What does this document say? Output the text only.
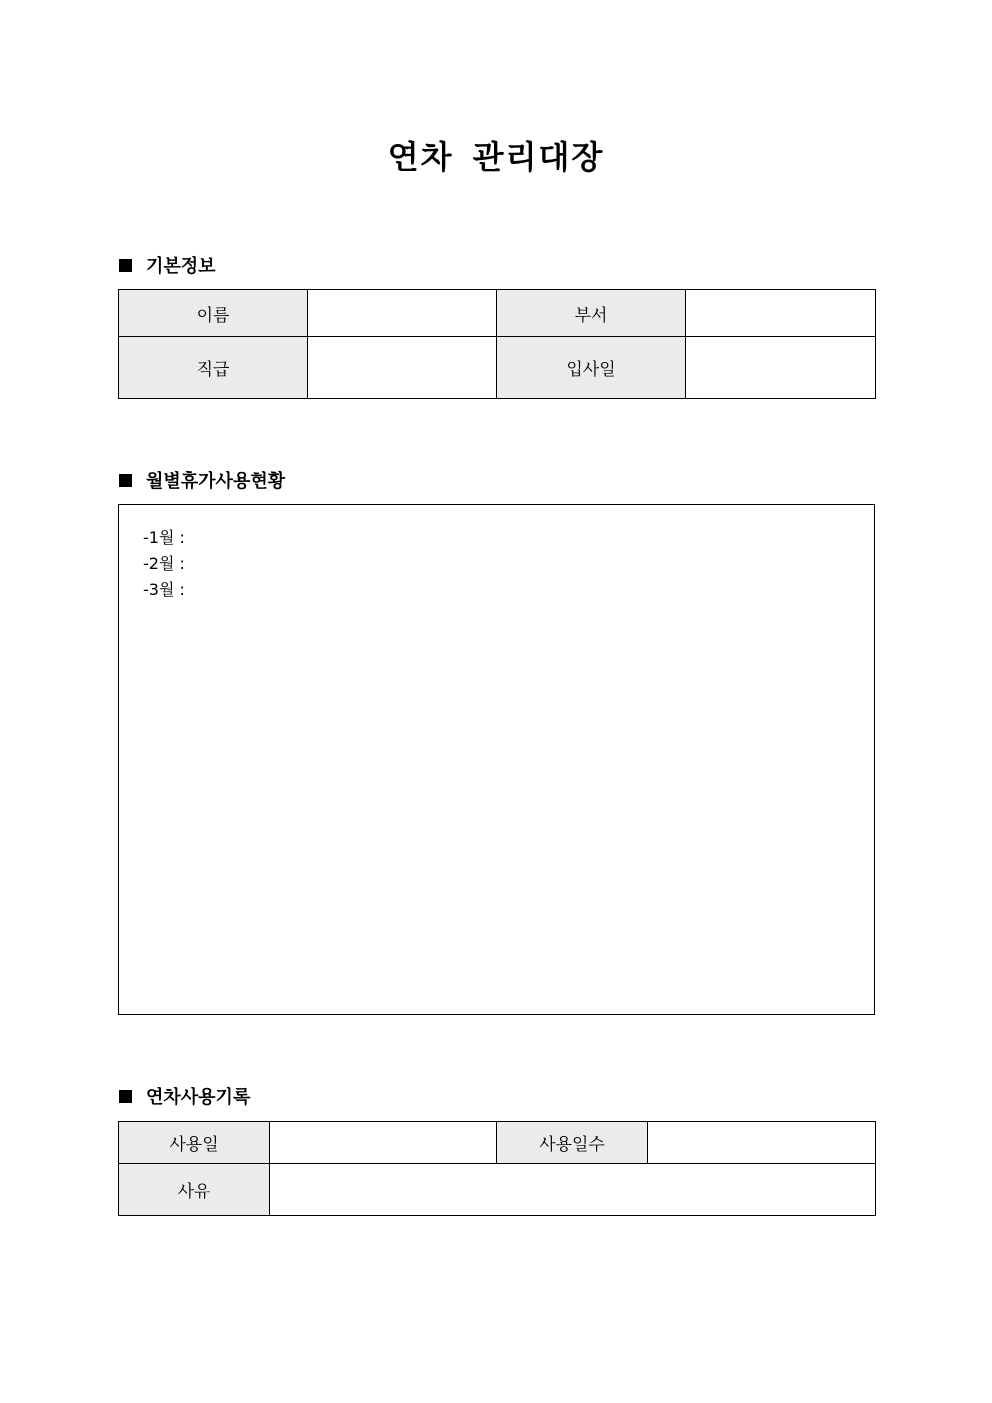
연차 관리대장
기본정보
이름		부서	
직급		입사일	
월별휴가사용현황
-1월 :
-2월 :
-3월 :
연차사용기록
사용일		사용일수	
사유			
